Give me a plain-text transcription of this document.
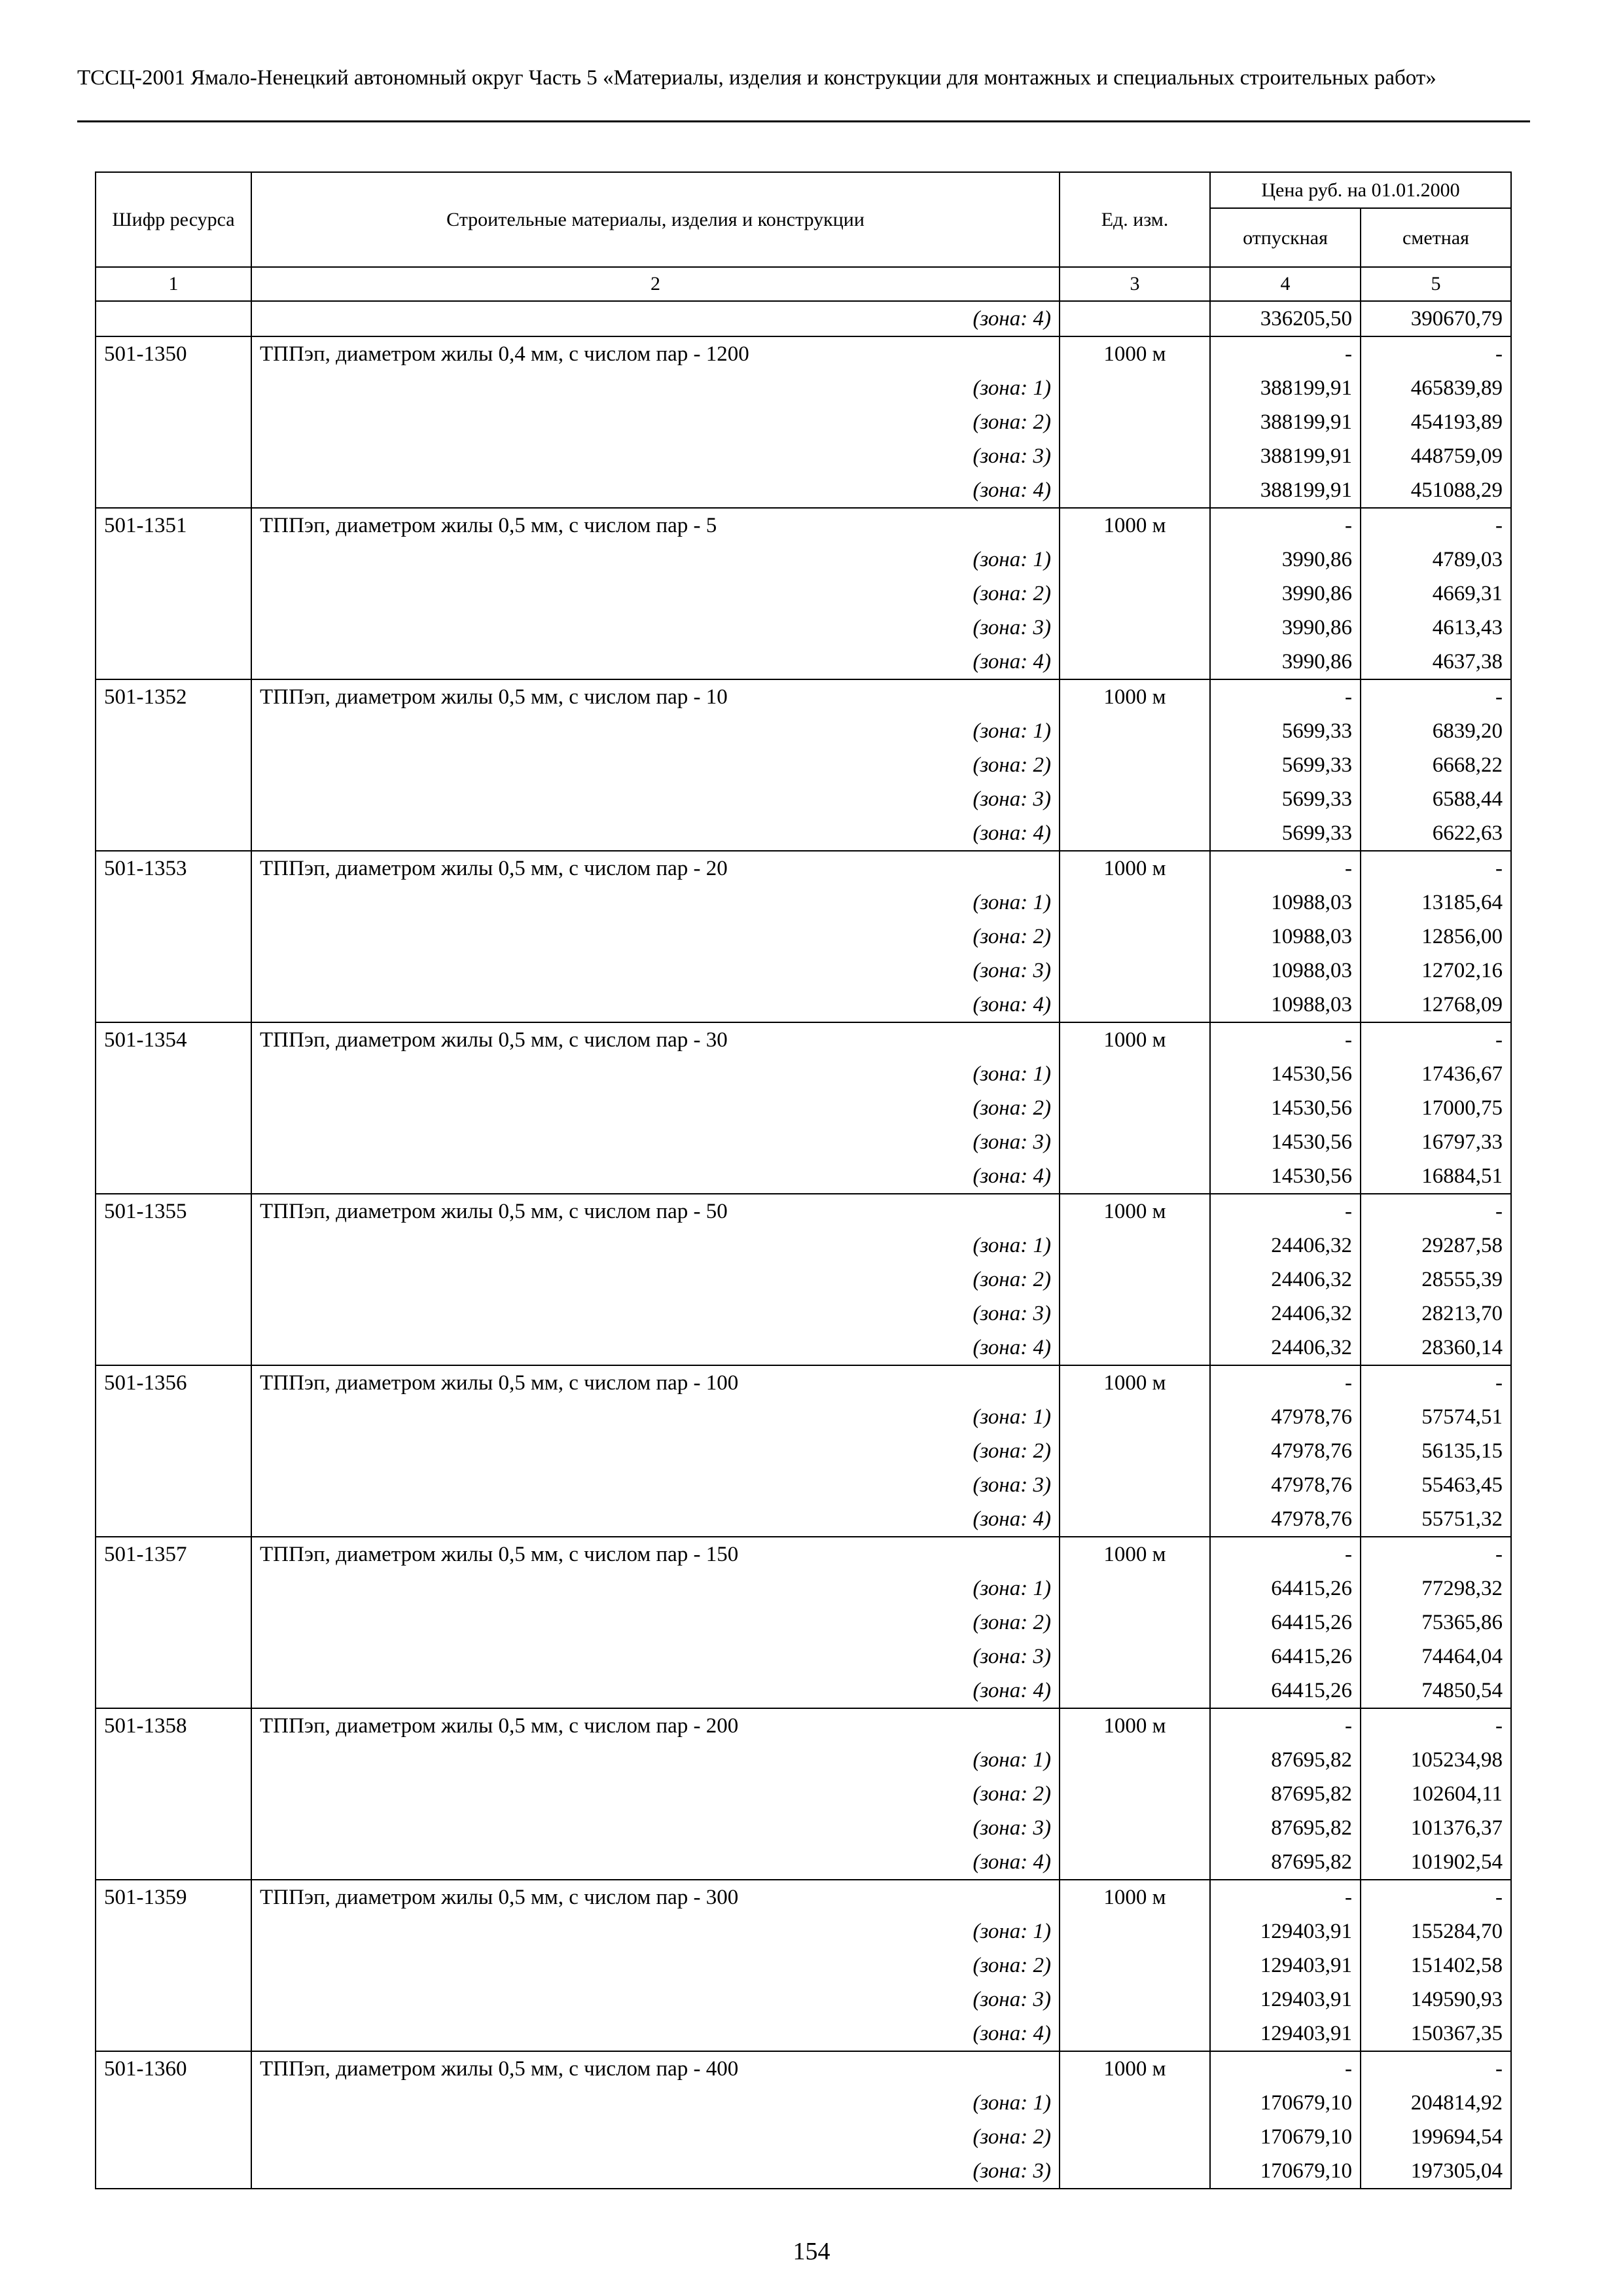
ТССЦ-2001 Ямало-Ненецкий автономный округ Часть 5 «Материалы, изделия и конструкции для монтажных и специальных строительных работ»
Шифр ресурса	Строительные материалы, изделия и конструкции	Ед. изм.	Цена руб. на 01.01.2000	
			отпускная	сметная
1	2	3	4	5
	(зона: 4)		336205,50	390670,79
501-1350	ТППэп, диаметром жилы 0,4 мм, с числом пар - 1200	1000 м	-	-
	(зона: 1)		388199,91	465839,89
	(зона: 2)		388199,91	454193,89
	(зона: 3)		388199,91	448759,09
	(зона: 4)		388199,91	451088,29
501-1351	ТППэп, диаметром жилы 0,5 мм, с числом пар - 5	1000 м	-	-
	(зона: 1)		3990,86	4789,03
	(зона: 2)		3990,86	4669,31
	(зона: 3)		3990,86	4613,43
	(зона: 4)		3990,86	4637,38
501-1352	ТППэп, диаметром жилы 0,5 мм, с числом пар - 10	1000 м	-	-
	(зона: 1)		5699,33	6839,20
	(зона: 2)		5699,33	6668,22
	(зона: 3)		5699,33	6588,44
	(зона: 4)		5699,33	6622,63
501-1353	ТППэп, диаметром жилы 0,5 мм, с числом пар - 20	1000 м	-	-
	(зона: 1)		10988,03	13185,64
	(зона: 2)		10988,03	12856,00
	(зона: 3)		10988,03	12702,16
	(зона: 4)		10988,03	12768,09
501-1354	ТППэп, диаметром жилы 0,5 мм, с числом пар - 30	1000 м	-	-
	(зона: 1)		14530,56	17436,67
	(зона: 2)		14530,56	17000,75
	(зона: 3)		14530,56	16797,33
	(зона: 4)		14530,56	16884,51
501-1355	ТППэп, диаметром жилы 0,5 мм, с числом пар - 50	1000 м	-	-
	(зона: 1)		24406,32	29287,58
	(зона: 2)		24406,32	28555,39
	(зона: 3)		24406,32	28213,70
	(зона: 4)		24406,32	28360,14
501-1356	ТППэп, диаметром жилы 0,5 мм, с числом пар - 100	1000 м	-	-
	(зона: 1)		47978,76	57574,51
	(зона: 2)		47978,76	56135,15
	(зона: 3)		47978,76	55463,45
	(зона: 4)		47978,76	55751,32
501-1357	ТППэп, диаметром жилы 0,5 мм, с числом пар - 150	1000 м	-	-
	(зона: 1)		64415,26	77298,32
	(зона: 2)		64415,26	75365,86
	(зона: 3)		64415,26	74464,04
	(зона: 4)		64415,26	74850,54
501-1358	ТППэп, диаметром жилы 0,5 мм, с числом пар - 200	1000 м	-	-
	(зона: 1)		87695,82	105234,98
	(зона: 2)		87695,82	102604,11
	(зона: 3)		87695,82	101376,37
	(зона: 4)		87695,82	101902,54
501-1359	ТППэп, диаметром жилы 0,5 мм, с числом пар - 300	1000 м	-	-
	(зона: 1)		129403,91	155284,70
	(зона: 2)		129403,91	151402,58
	(зона: 3)		129403,91	149590,93
	(зона: 4)		129403,91	150367,35
501-1360	ТППэп, диаметром жилы 0,5 мм, с числом пар - 400	1000 м	-	-
	(зона: 1)		170679,10	204814,92
	(зона: 2)		170679,10	199694,54
	(зона: 3)		170679,10	197305,04
154
